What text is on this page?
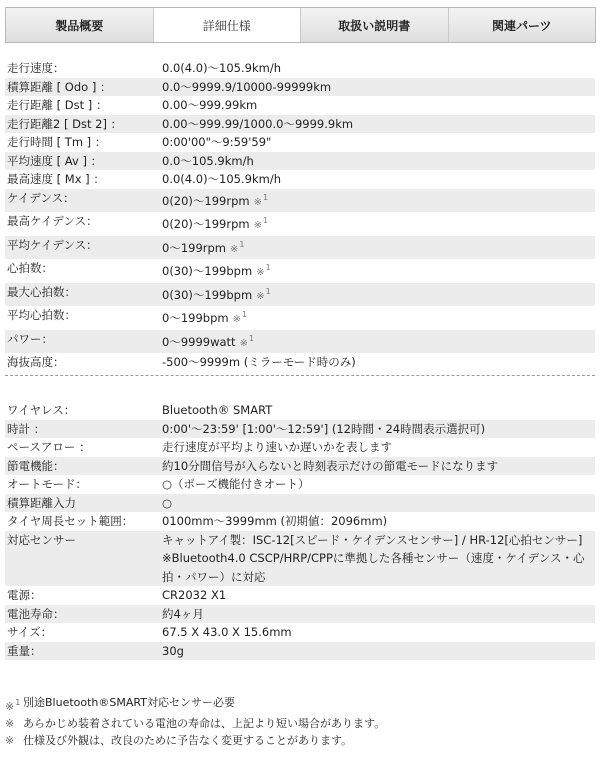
製品概要	詳細仕様	取扱い説明書	関連パーツ
走行速度：	0.0(4.0)～105.9km/h
積算距離 [ Odo ] ：	0.0～9999.9/10000-99999km
走行距離 [ Dst ] ：	0.00～999.99km
走行距離2 [ Dst 2] ：	0.00～999.99/1000.0～9999.9km
走行時間 [ Tm ] ：	0:00'00"～9:59'59"
平均速度 [ Av ] ：	0.0～105.9km/h
最高速度 [ Mx ] ：	0.0(4.0)～105.9km/h
ケイデンス：	0(20)～199rpm ※$^1$
最高ケイデンス：	0(20)～199rpm ※$^1$
平均ケイデンス：	0～199rpm ※$^1$
心拍数：	0(30)～199bpm ※$^1$
最大心拍数：	0(30)～199bpm ※$^1$
平均心拍数：	0～199bpm ※$^1$
パワー：	0～9999watt ※$^1$
海抜高度：	-500～9999m (ミラーモード時のみ)
ワイヤレス：	Bluetooth® SMART
時計 ：	0:00'～23:59' [1:00'～12:59'] (12時間・24時間表示選択可)
ペースアロー ：	走行速度が平均より速いか遅いかを表します
節電機能：	約10分間信号が入らないと時刻表示だけの節電モードになります
オートモード：	○（ポーズ機能付きオート）
積算距離入力	○
タイヤ周長セット範囲：	0100mm～3999mm (初期値：2096mm)
対応センサー	キャットアイ製：ISC-12[スピード・ケイデンスセンサー] / HR-12[心拍センサー]
※Bluetooth4.0 CSCP/HRP/CPPに準拠した各種センサー（速度・ケイデンス・心拍・パワー）に対応
電源：	CR2032 X1
電池寿命：	約4ヶ月
サイズ：	67.5 X 43.0 X 15.6mm
重量：	30g
※$^1$ 別途Bluetooth®SMART対応センサー必要
※ あらかじめ装着されている電池の寿命は、上記より短い場合があります。
※ 仕様及び外観は、改良のために予告なく変更することがあります。
